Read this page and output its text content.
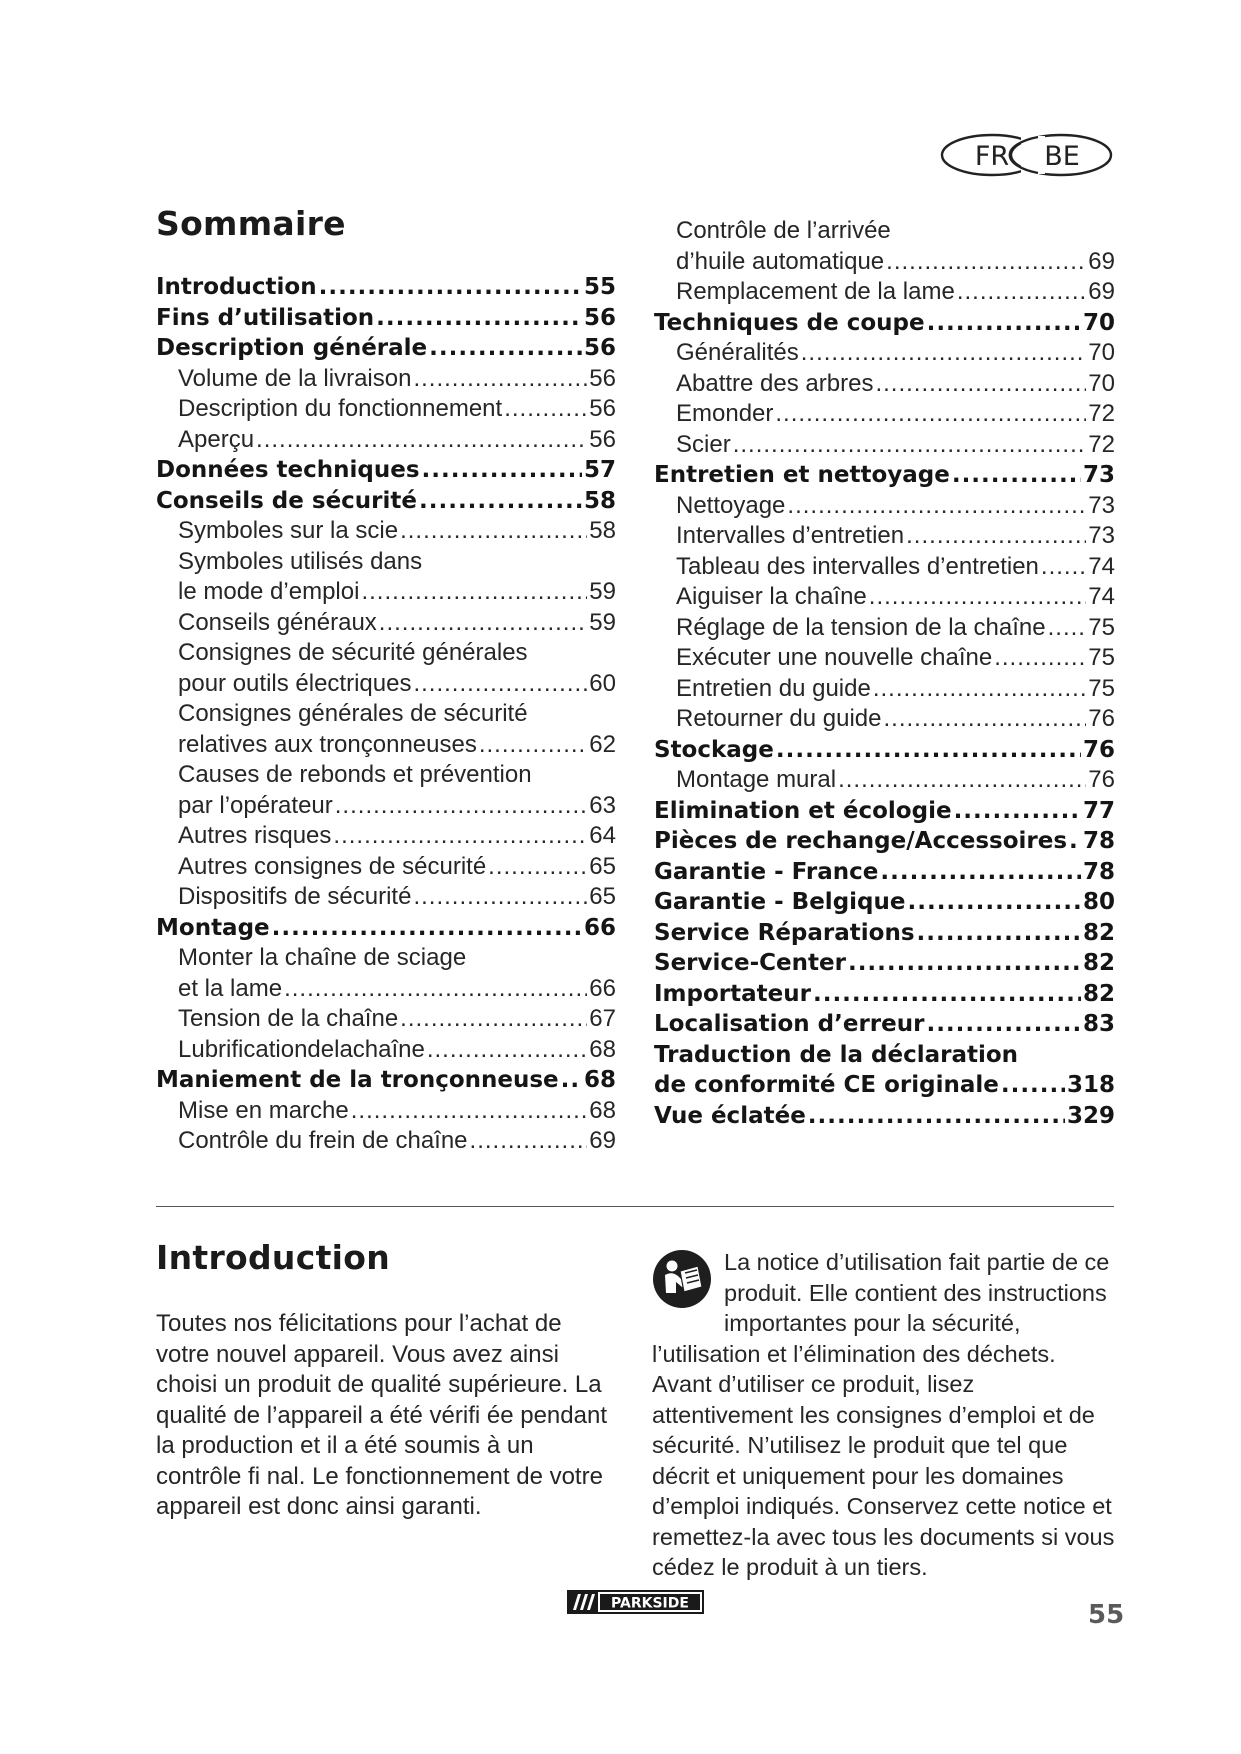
FR BE
Sommaire
Introduction .....	55
Fins d’utilisation .....	56
Description générale .....	56
Volume de la livraison .....	56
Description du fonctionnement .....	56
Aperçu .....	56
Données techniques .....	57
Conseils de sécurité .....	58
Symboles sur la scie .....	58
Symboles utilisés dans
le mode d’emploi .....	59
Conseils généraux .....	59
Consignes de sécurité générales
pour outils électriques .....	60
Consignes générales de sécurité
relatives aux tronçonneuses .....	62
Causes de rebonds et prévention
par l’opérateur .....	63
Autres risques .....	64
Autres consignes de sécurité .....	65
Dispositifs de sécurité .....	65
Montage .....	66
Monter la chaîne de sciage
et la lame .....	66
Tension de la chaîne .....	67
Lubrificationdelachaîne .....	68
Maniement de la tronçonneuse ..... 68
Mise en marche .....	68
Contrôle du frein de chaîne .....	69
Contrôle de l’arrivée
d’huile automatique .....	69
Remplacement de la lame .....	69
Techniques de coupe .....	70
Généralités .....	70
Abattre des arbres .....	70
Emonder .....	72
Scier .....	72
Entretien et nettoyage .....	73
Nettoyage .....	73
Intervalles d’entretien .....	73
Tableau des intervalles d’entretien ..... 74
Aiguiser la chaîne .....	74
Réglage de la tension de la chaîne ..... 75
Exécuter une nouvelle chaîne .....	75
Entretien du guide .....	75
Retourner du guide .....	76
Stockage .....	76
Montage mural .....	76
Elimination et écologie .....	77
Pièces de rechange/Accessoires ..... 78
Garantie - France .....	78
Garantie - Belgique .....	80
Service Réparations .....	82
Service-Center .....	82
Importateur .....	82
Localisation d’erreur .....	83
Traduction de la déclaration
de conformité CE originale .....	318
Vue éclatée .....	329
Introduction

Toutes nos félicitations pour l’achat de votre nouvel appareil. Vous avez ainsi choisi un produit de qualité supérieure. La qualité de l’appareil a été vérifi ée pendant la production et il a été soumis à un contrôle fi nal. Le fonctionnement de votre appareil est donc ainsi garanti.

La notice d’utilisation fait partie de ce produit. Elle contient des instructions importantes pour la sécurité, l’utilisation et l’élimination des déchets. Avant d’utiliser ce produit, lisez attentivement les consignes d’emploi et de sécurité. N’utilisez le produit que tel que décrit et uniquement pour les domaines d’emploi indiqués. Conservez cette notice et remettez-la avec tous les documents si vous cédez le produit à un tiers.

PARKSIDE	55
